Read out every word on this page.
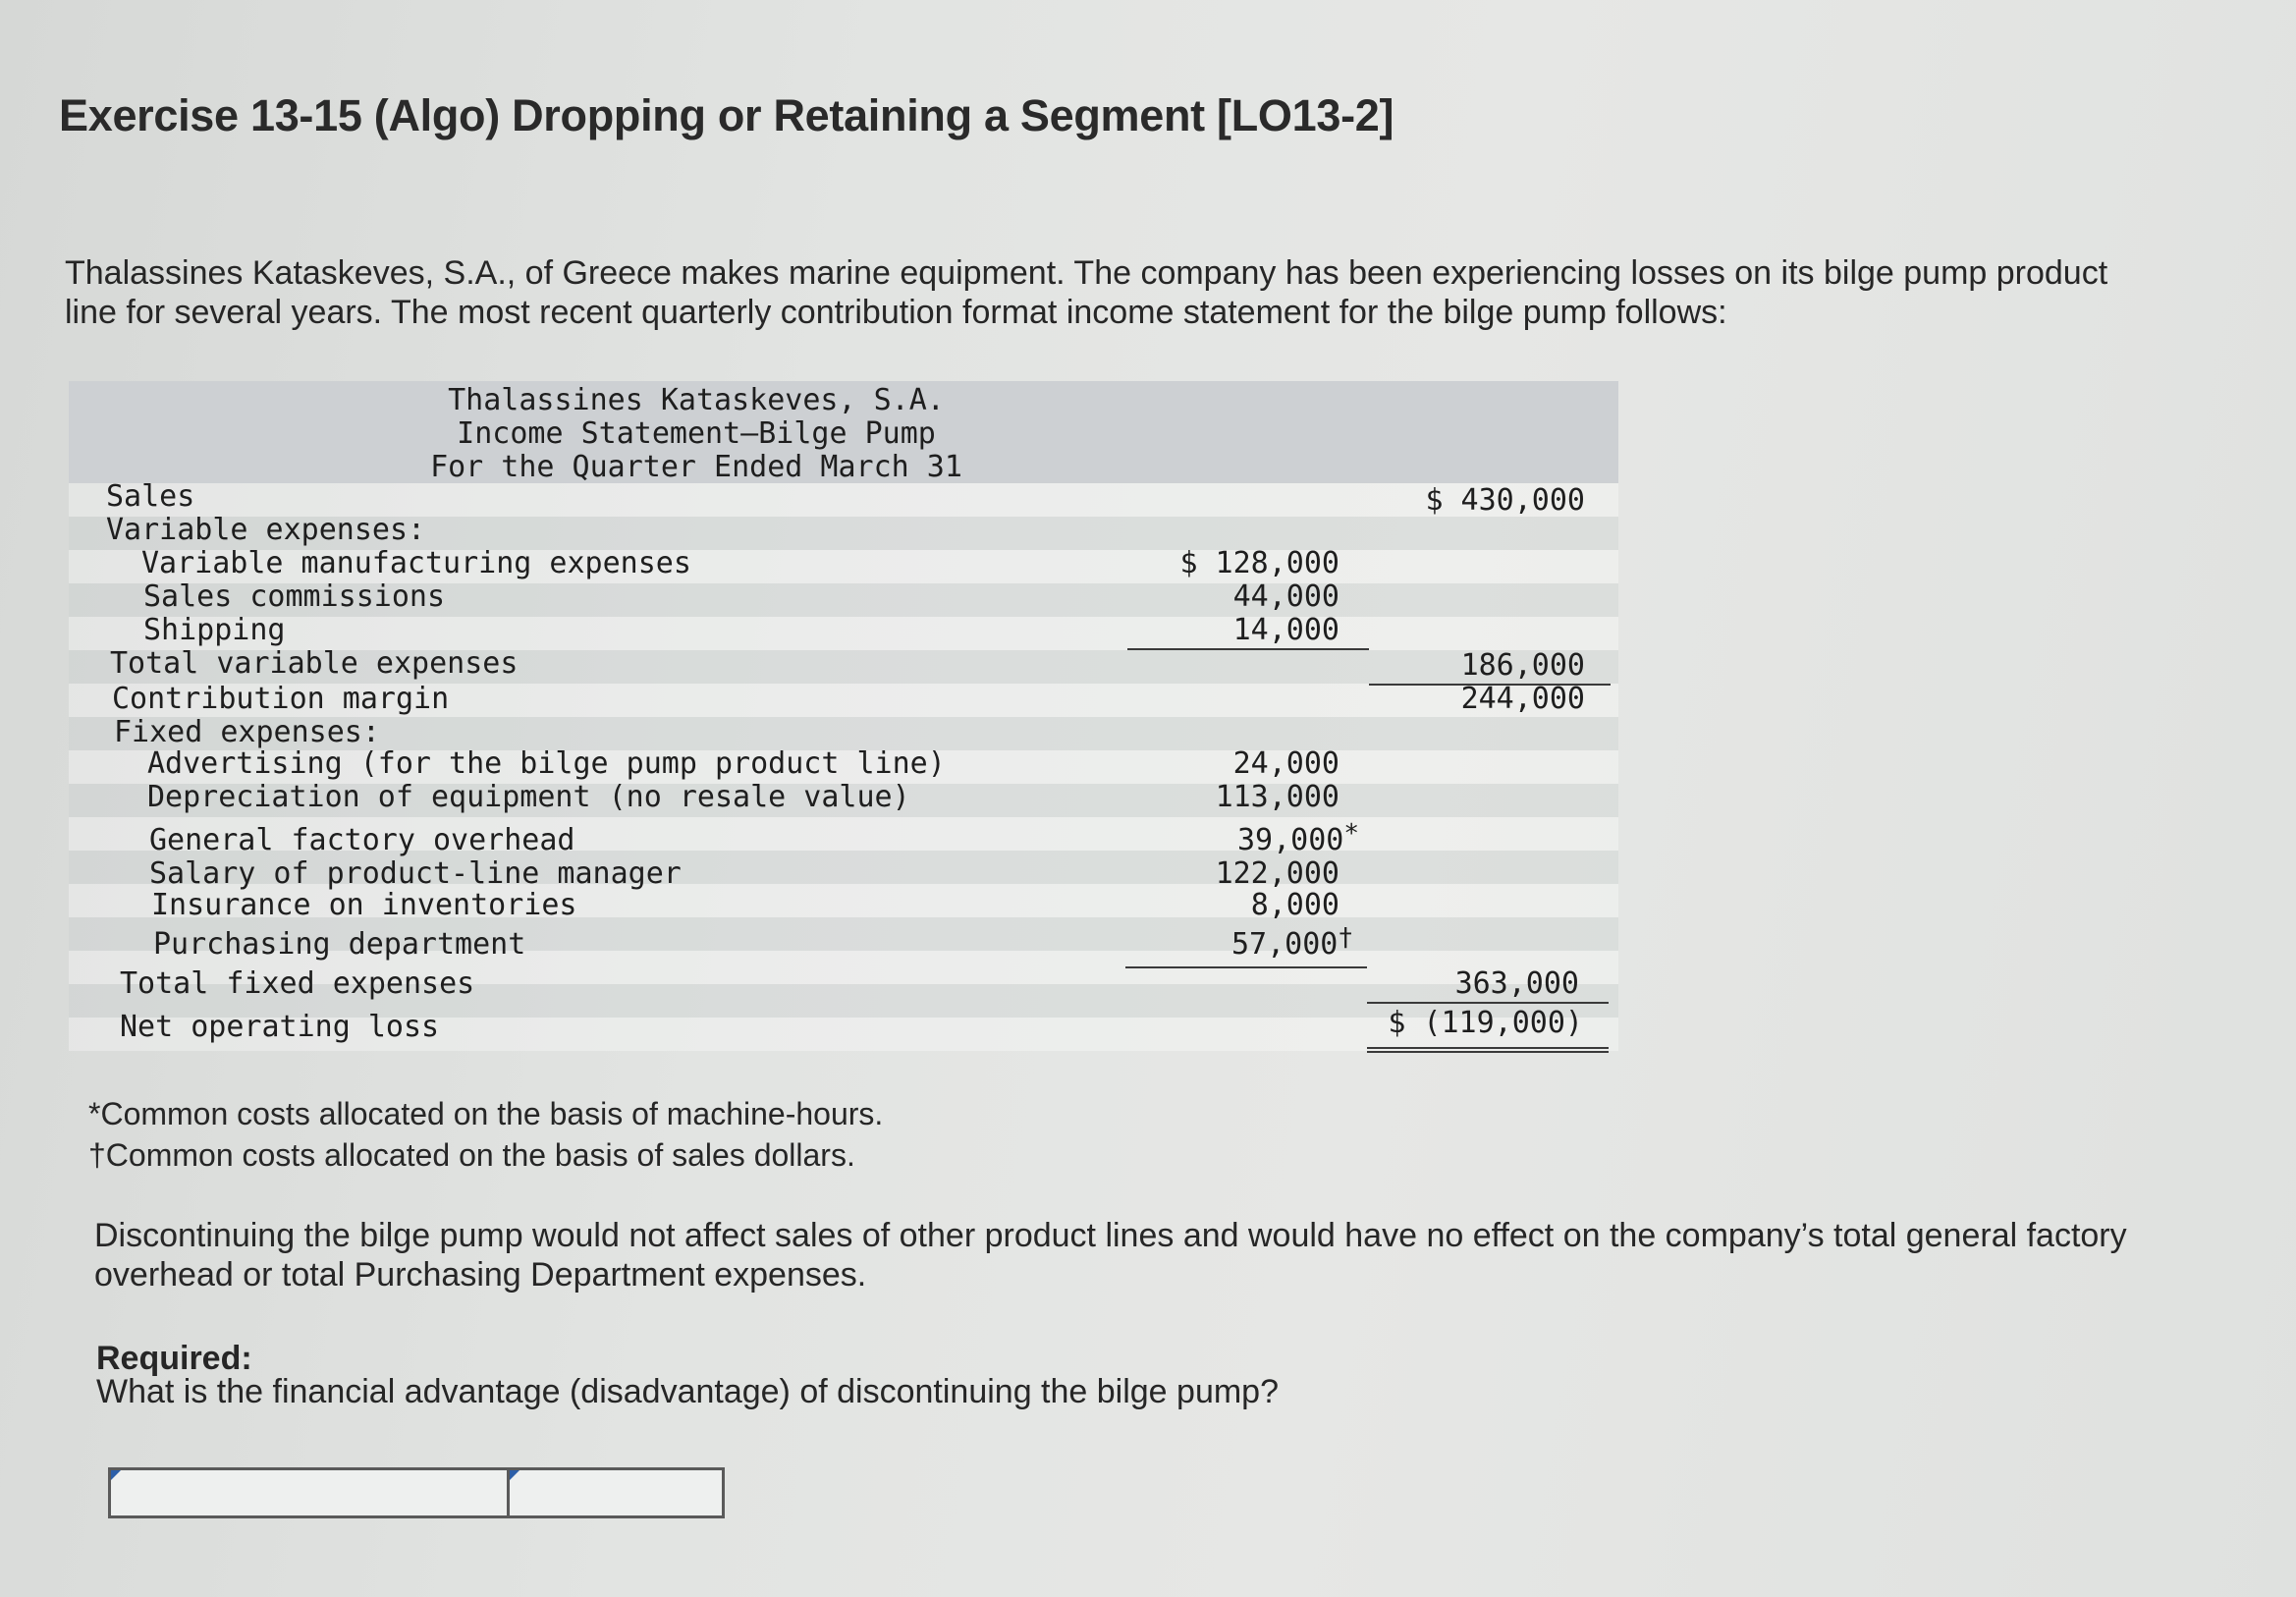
Exercise 13-15 (Algo) Dropping or Retaining a Segment [LO13-2]
Thalassines Kataskeves, S.A., of Greece makes marine equipment. The company has been experiencing losses on its bilge pump product line for several years. The most recent quarterly contribution format income statement for the bilge pump follows:
Thalassines Kataskeves, S.A.
Income Statement—Bilge Pump
For the Quarter Ended March 31
Sales	$ 430,000
Variable expenses:
Variable manufacturing expenses	$ 128,000
Sales commissions	44,000
Shipping	14,000
Total variable expenses	186,000
Contribution margin	244,000
Fixed expenses:
Advertising (for the bilge pump product line)	24,000
Depreciation of equipment (no resale value)	113,000
General factory overhead	39,000*
Salary of product-line manager	122,000
Insurance on inventories	8,000
Purchasing department	57,000†
Total fixed expenses	363,000
Net operating loss	$ (119,000)
*Common costs allocated on the basis of machine-hours.
†Common costs allocated on the basis of sales dollars.
Discontinuing the bilge pump would not affect sales of other product lines and would have no effect on the company’s total general factory overhead or total Purchasing Department expenses.
Required:
What is the financial advantage (disadvantage) of discontinuing the bilge pump?
